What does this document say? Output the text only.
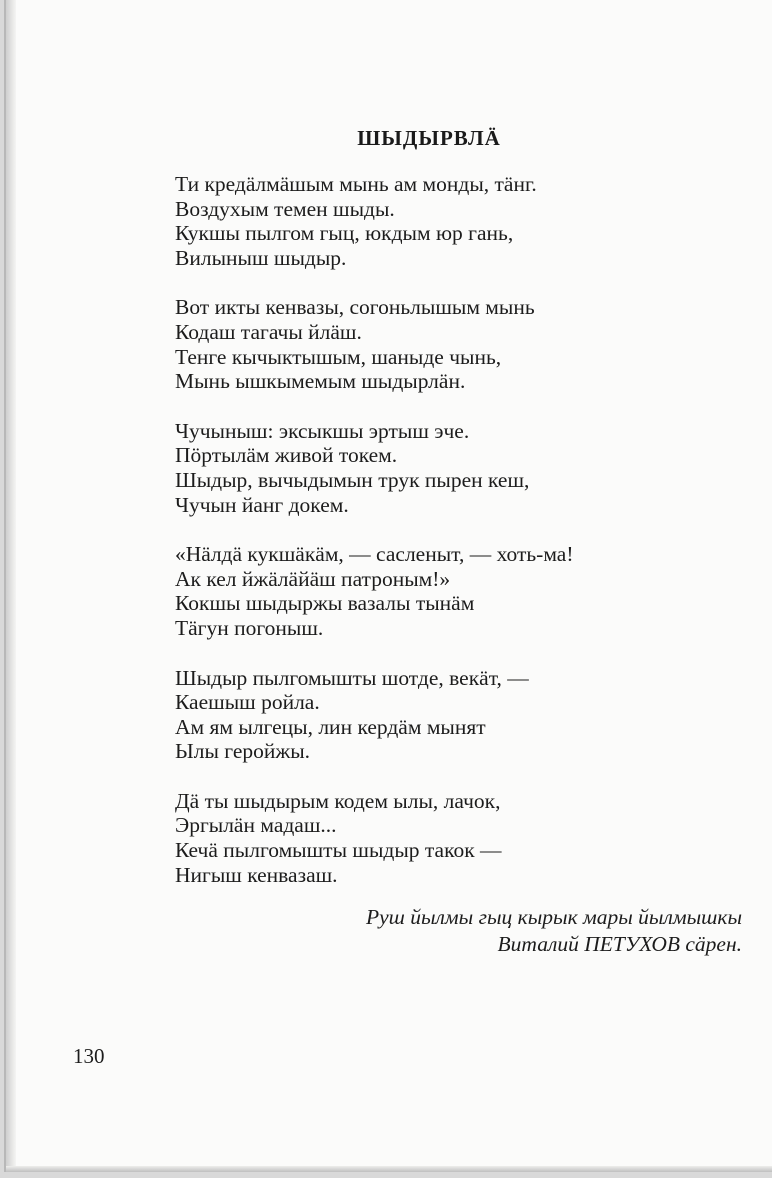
ШЫДЫРВЛÄ
Ти кредäлмäшым мынь ам монды, тäнг.
Воздухым темен шыды.
Кукшы пылгом гыц, юкдым юр гань,
Вилыныш шыдыр.
Вот икты кенвазы, согоньлышым мынь
Кодаш тагачы йлäш.
Тенге кычыктышым, шаныде чынь,
Мынь ышкымемым шыдырлäн.
Чучыныш: эксыкшы эртыш эче.
Пöртылäм живой токем.
Шыдыр, вычыдымын трук пырен кеш,
Чучын йанг докем.
«Нäлдä кукшäкäм, — сасленыт, — хоть-ма!
Ак кел йжäлäйäш патроным!»
Кокшы шыдыржы вазалы тынäм
Тäгун погоныш.
Шыдыр пылгомышты шотде, векäт, —
Каешыш ройла.
Ам ям ылгецы, лин кердäм мынят
Ылы геройжы.
Дä ты шыдырым кодем ылы, лачок,
Эргылäн мадаш...
Кечä пылгомышты шыдыр такок —
Нигыш кенвазаш.
Руш йылмы гыц кырык мары йылмышкы
Виталий ПЕТУХОВ сäрен.
130
